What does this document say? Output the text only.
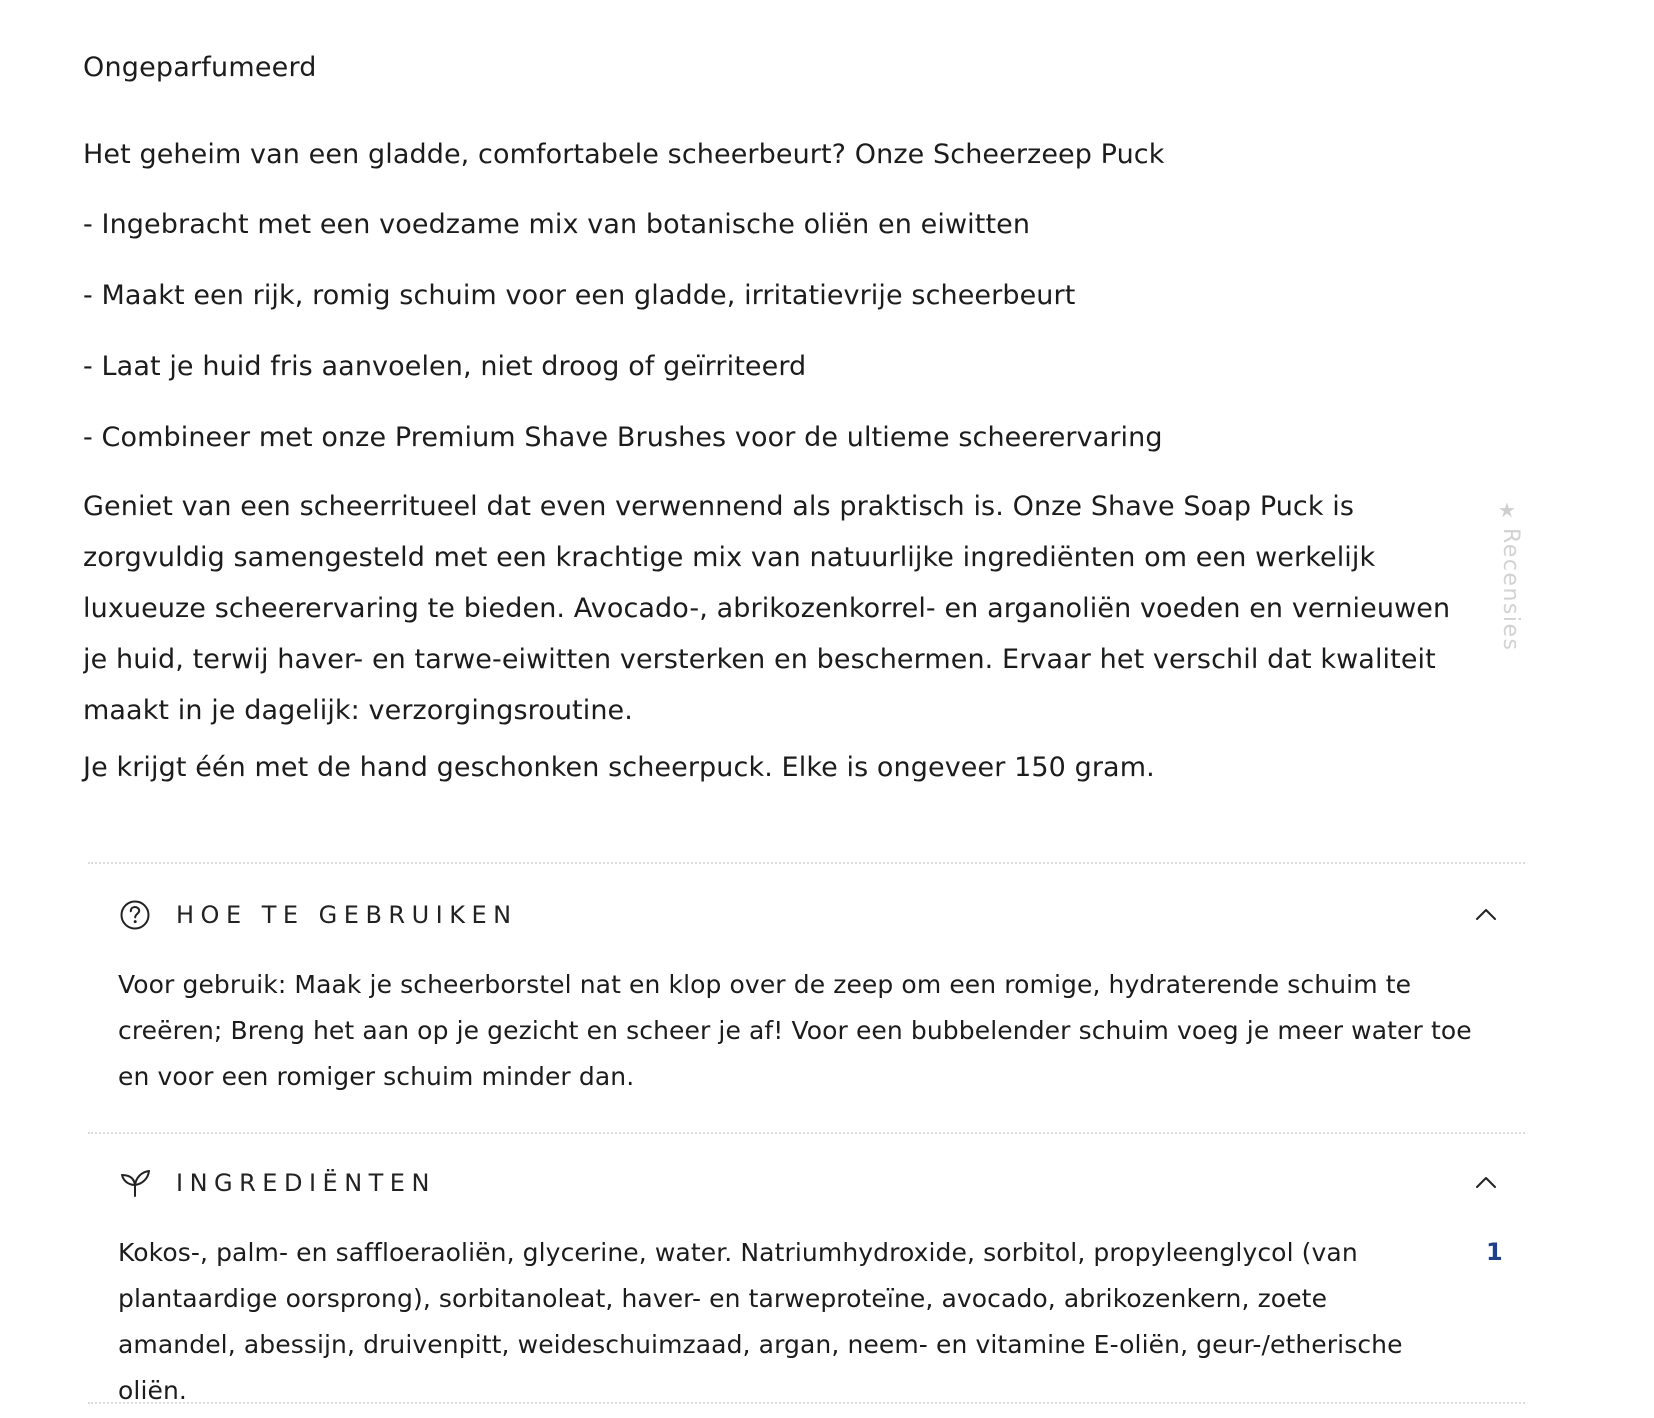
Ongeparfumeerd

Het geheim van een gladde, comfortabele scheerbeurt? Onze Scheerzeep Puck

- Ingebracht met een voedzame mix van botanische oliën en eiwitten

- Maakt een rijk, romig schuim voor een gladde, irritatievrije scheerbeurt

- Laat je huid fris aanvoelen, niet droog of geïrriteerd

- Combineer met onze Premium Shave Brushes voor de ultieme scheerervaring

Geniet van een scheerritueel dat even verwennend als praktisch is. Onze Shave Soap Puck is zorgvuldig samengesteld met een krachtige mix van natuurlijke ingrediënten om een werkelijk luxueuze scheerervaring te bieden. Avocado-, abrikozenkorrel- en arganoliën voeden en vernieuwen je huid, terwij haver- en tarwe-eiwitten versterken en beschermen. Ervaar het verschil dat kwaliteit maakt in je dagelijk: verzorgingsroutine.

Je krijgt één met de hand geschonken scheerpuck. Elke is ongeveer 150 gram.

★
Recensies
HOE TE GEBRUIKEN
Voor gebruik: Maak je scheerborstel nat en klop over de zeep om een romige, hydraterende schuim te creëren; Breng het aan op je gezicht en scheer je af! Voor een bubbelender schuim voeg je meer water toe en voor een romiger schuim minder dan.
INGREDIËNTEN
Kokos-, palm- en saffloeraoliën, glycerine, water. Natriumhydroxide, sorbitol, propyleenglycol (van plantaardige oorsprong), sorbitanoleat, haver- en tarweproteïne, avocado, abrikozenkern, zoete amandel, abessijn, druivenpitt, weideschuimzaad, argan, neem- en vitamine E-oliën, geur-/etherische oliën.
1
